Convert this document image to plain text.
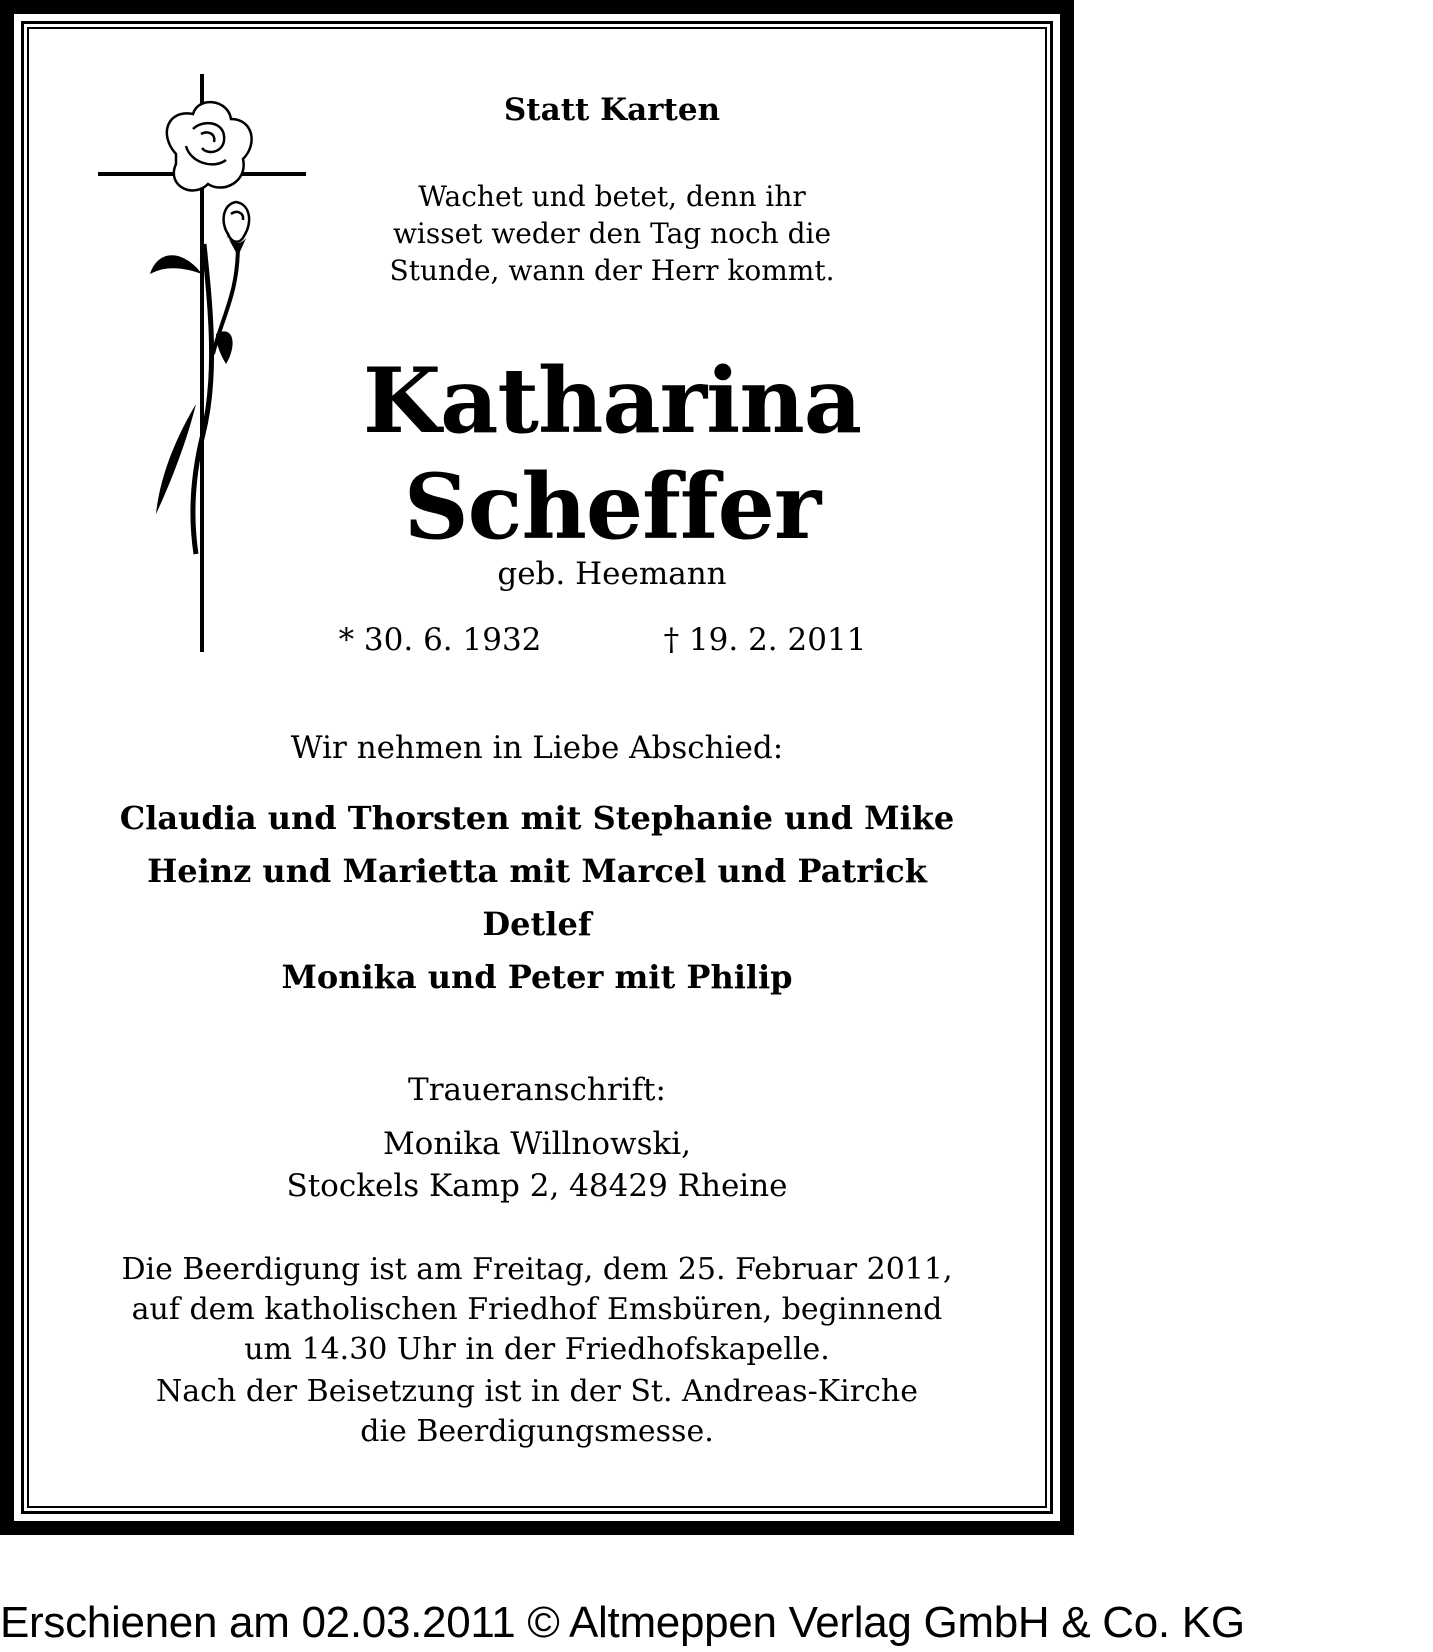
Statt Karten
Wachet und betet, denn ihr
wisset weder den Tag noch die
Stunde, wann der Herr kommt.
Katharina
Scheffer
geb. Heemann
* 30. 6. 1932	† 19. 2. 2011
Wir nehmen in Liebe Abschied:
Claudia und Thorsten mit Stephanie und Mike
Heinz und Marietta mit Marcel und Patrick
Detlef
Monika und Peter mit Philip
Traueranschrift:
Monika Willnowski,
Stockels Kamp 2, 48429 Rheine
Die Beerdigung ist am Freitag, dem 25. Februar 2011,
auf dem katholischen Friedhof Emsbüren, beginnend
um 14.30 Uhr in der Friedhofskapelle.
Nach der Beisetzung ist in der St. Andreas-Kirche
die Beerdigungsmesse.
Erschienen am 02.03.2011 © Altmeppen Verlag GmbH & Co. KG
